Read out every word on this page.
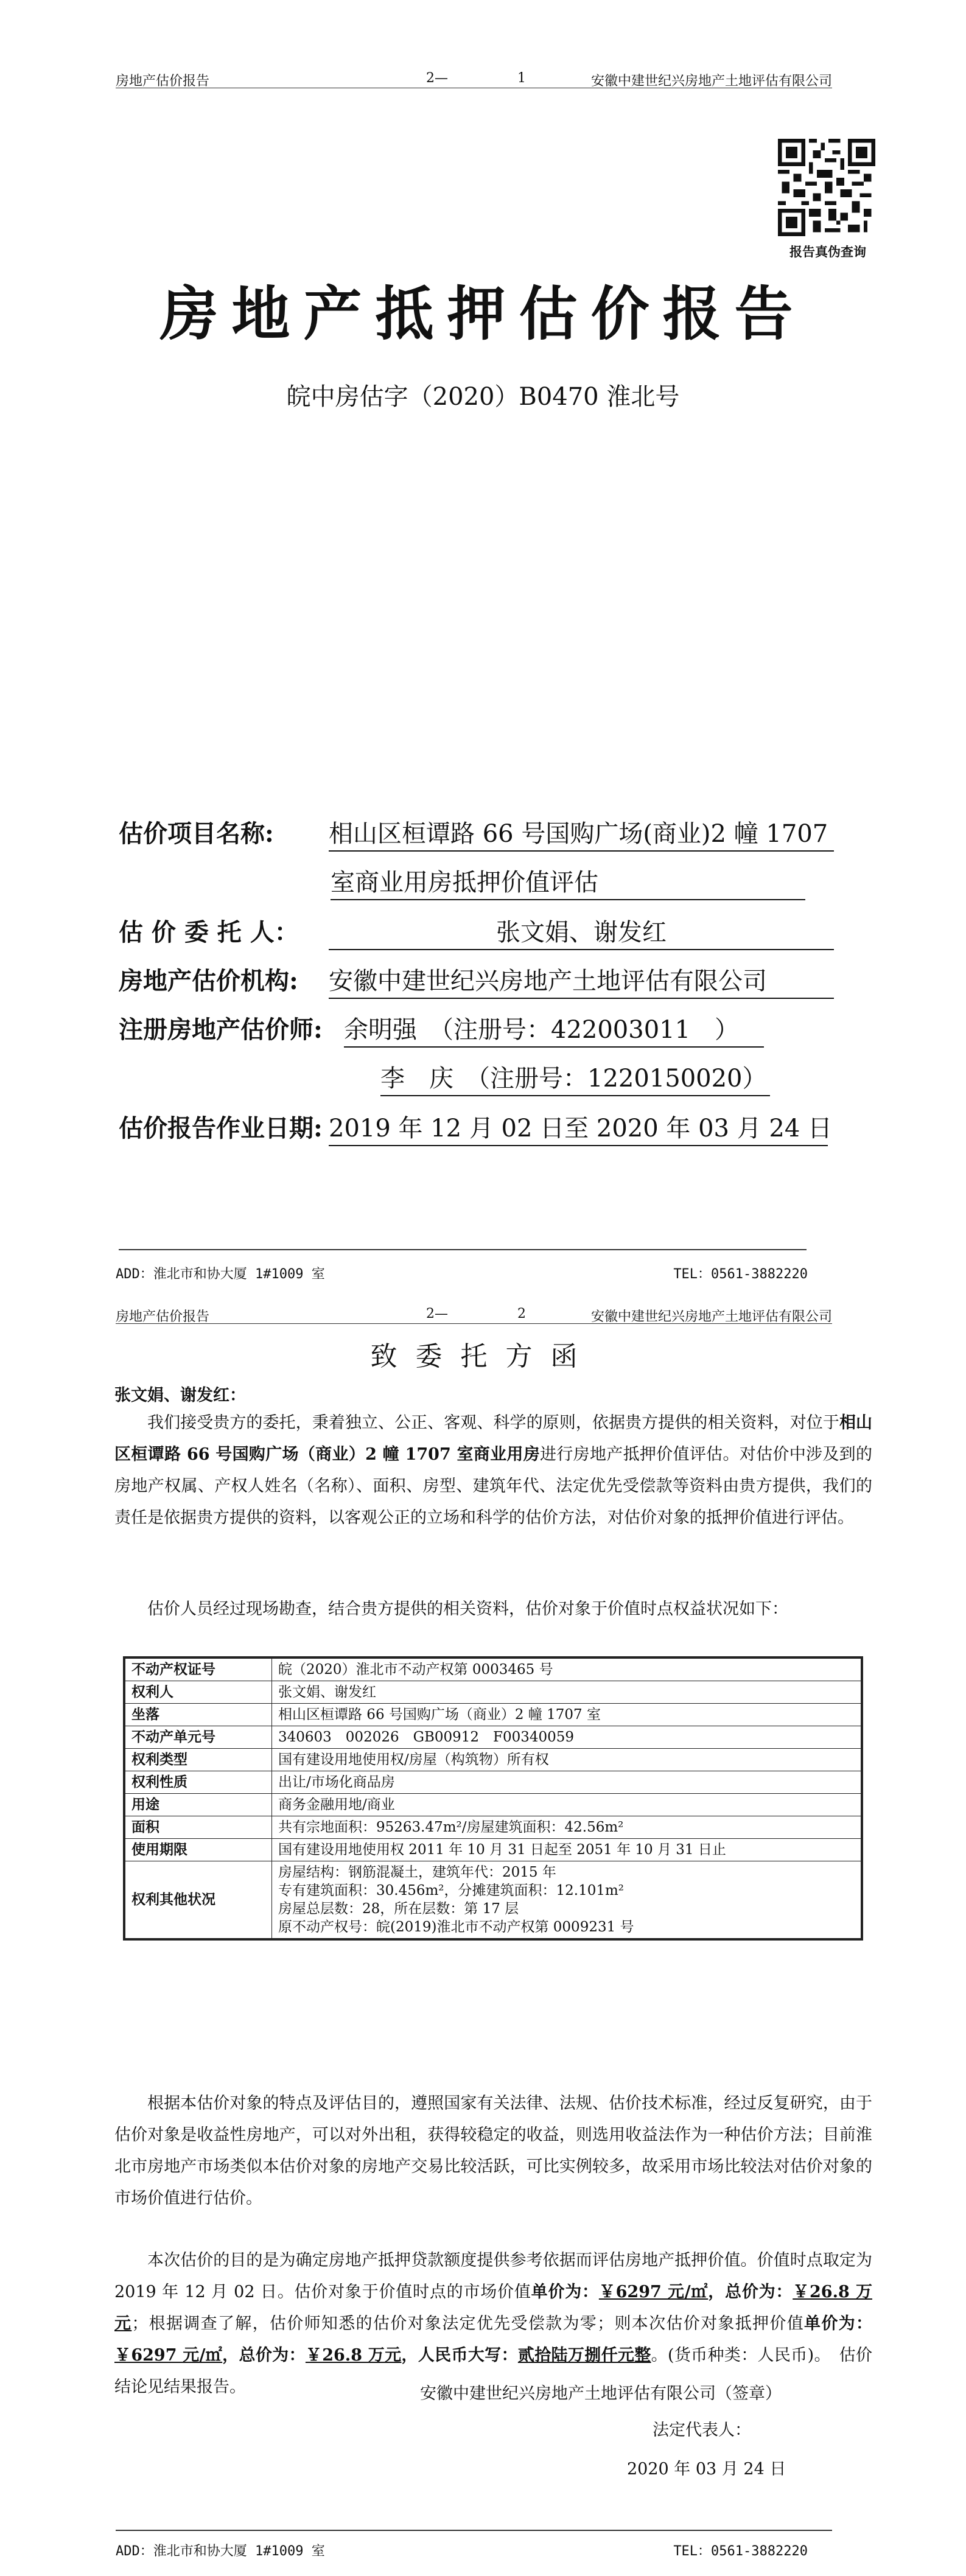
房地产估价报告	2—	1	安徽中建世纪兴房地产土地评估有限公司
报告真伪查询
房地产抵押估价报告
皖中房估字（2020）B0470 淮北号
估价项目名称: 相山区桓谭路 66 号国购广场(商业)2 幢 1707
室商业用房抵押价值评估
估 价 委 托 人：	张文娟、谢发红
房地产估价机构: 安徽中建世纪兴房地产土地评估有限公司
注册房地产估价师: 余明强　（注册号：422003011　）
李　庆　（注册号：1220150020）
估价报告作业日期: 2019 年 12 月 02 日至 2020 年 03 月 24 日
ADD：淮北市和协大厦 1#1009 室	TEL：0561-3882220
房地产估价报告	2—	2	安徽中建世纪兴房地产土地评估有限公司
致委托方函
张文娟、谢发红：
我们接受贵方的委托，秉着独立、公正、客观、科学的原则，依据贵方提供的相关资料，对位于相山区桓谭路 66 号国购广场（商业）2 幢 1707 室商业用房进行房地产抵押价值评估。对估价中涉及到的房地产权属、产权人姓名（名称）、面积、房型、建筑年代、法定优先受偿款等资料由贵方提供，我们的责任是依据贵方提供的资料，以客观公正的立场和科学的估价方法，对估价对象的抵押价值进行评估。
估价人员经过现场勘查，结合贵方提供的相关资料，估价对象于价值时点权益状况如下：
不动产权证号	皖（2020）淮北市不动产权第 0003465 号
权利人	张文娟、谢发红
坐落	相山区桓谭路 66 号国购广场（商业）2 幢 1707 室
不动产单元号	340603　002026　GB00912　F00340059
权利类型	国有建设用地使用权/房屋（构筑物）所有权
权利性质	出让/市场化商品房
用途	商务金融用地/商业
面积	共有宗地面积：95263.47m²/房屋建筑面积：42.56m²
使用期限	国有建设用地使用权 2011 年 10 月 31 日起至 2051 年 10 月 31 日止
权利其他状况	房屋结构：钢筋混凝土，建筑年代：2015 年
专有建筑面积：30.456m²，分摊建筑面积：12.101m²
房屋总层数：28，所在层数：第 17 层
原不动产权号：皖(2019)淮北市不动产权第 0009231 号
根据本估价对象的特点及评估目的，遵照国家有关法律、法规、估价技术标准，经过反复研究，由于估价对象是收益性房地产，可以对外出租，获得较稳定的收益，则选用收益法作为一种估价方法；目前淮北市房地产市场类似本估价对象的房地产交易比较活跃，可比实例较多，故采用市场比较法对估价对象的市场价值进行估价。
本次估价的目的是为确定房地产抵押贷款额度提供参考依据而评估房地产抵押价值。价值时点取定为 2019 年 12 月 02 日。估价对象于价值时点的市场价值单价为：￥6297 元/㎡，总价为：￥26.8 万元；根据调查了解，估价师知悉的估价对象法定优先受偿款为零；则本次估价对象抵押价值单价为：￥6297 元/㎡，总价为：￥26.8 万元，人民币大写：贰拾陆万捌仟元整。(货币种类：人民币)。　估价结论见结果报告。	安徽中建世纪兴房地产土地评估有限公司（签章）
法定代表人：
2020 年 03 月 24 日
ADD：淮北市和协大厦 1#1009 室	TEL：0561-3882220
